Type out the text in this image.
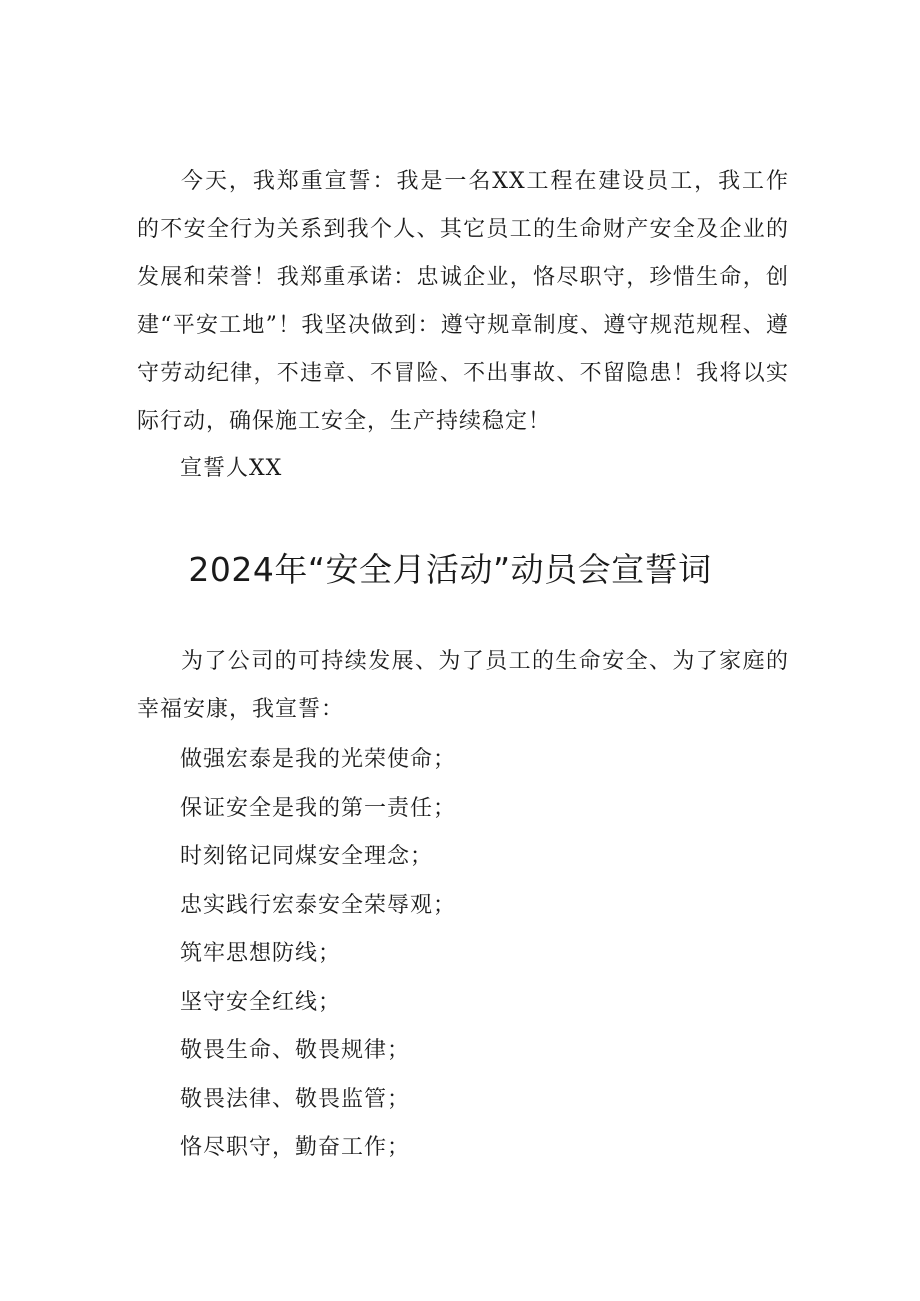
今天，我郑重宣誓：我是一名XX工程在建设员工，我工作的不安全行为关系到我个人、其它员工的生命财产安全及企业的发展和荣誉！我郑重承诺：忠诚企业，恪尽职守，珍惜生命，创建“平安工地”！我坚决做到：遵守规章制度、遵守规范规程、遵守劳动纪律，不违章、不冒险、不出事故、不留隐患！我将以实际行动，确保施工安全，生产持续稳定！

宣誓人XX
2024年“安全月活动”动员会宣誓词

为了公司的可持续发展、为了员工的生命安全、为了家庭的幸福安康，我宣誓：

做强宏泰是我的光荣使命；
保证安全是我的第一责任；
时刻铭记同煤安全理念；
忠实践行宏泰安全荣辱观；
筑牢思想防线；
坚守安全红线；
敬畏生命、敬畏规律；
敬畏法律、敬畏监管；
恪尽职守，勤奋工作；
